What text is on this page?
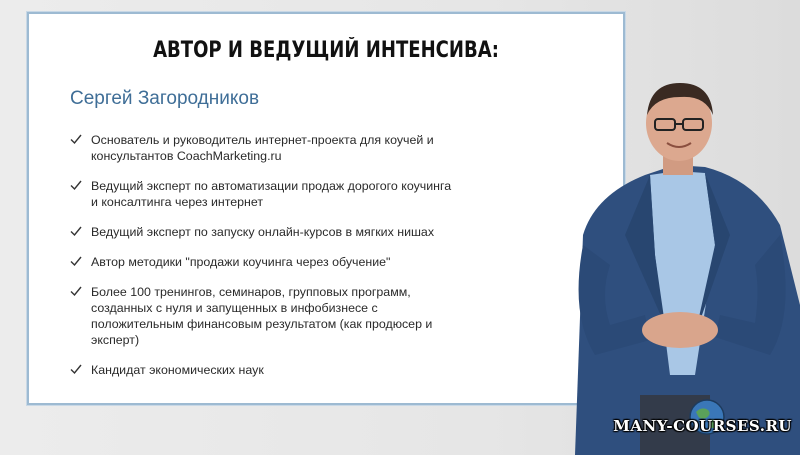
АВТОР И ВЕДУЩИЙ ИНТЕНСИВА:
Сергей Загородников
Основатель и руководитель интернет-проекта для коучей и консультантов CoachMarketing.ru
Ведущий эксперт по автоматизации продаж дорогого коучинга и консалтинга через интернет
Ведущий эксперт по запуску онлайн-курсов в мягких нишах
Автор методики "продажи коучинга через обучение"
Более 100 тренингов, семинаров, групповых программ, созданных с нуля и запущенных в инфобизнесе с положительным финансовым результатом (как продюсер и эксперт)
Кандидат экономических наук
MANY-COURSES.RU
